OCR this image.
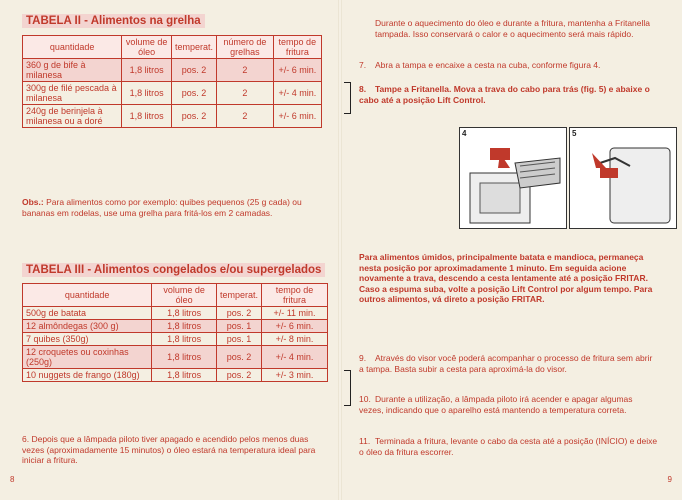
TABELA II - Alimentos na grelha
quantidade	volume de óleo	temperat.	número de grelhas	tempo de fritura
360 g de bife à milanesa	1,8 litros	pos. 2	2	+/- 6 min.
300g de filé pescada à milanesa	1,8 litros	pos. 2	2	+/- 4 min.
240g de berinjela à milanesa ou a doré	1,8 litros	pos. 2	2	+/- 6 min.
Obs.: Para alimentos como por exemplo: quibes pequenos (25 g cada) ou bananas em rodelas, use uma grelha para fritá-los em 2 camadas.
TABELA III - Alimentos congelados e/ou supergelados
quantidade	volume de óleo	temperat.	tempo de fritura
500g de batata	1,8 litros	pos. 2	+/- 11 min.
12 almôndegas (300 g)	1,8 litros	pos. 1	+/- 6 min.
7 quibes (350g)	1,8 litros	pos. 1	+/- 8 min.
12 croquetes ou coxinhas (250g)	1,8 litros	pos. 2	+/- 4 min.
10 nuggets de frango (180g)	1,8 litros	pos. 2	+/- 3 min.
6. Depois que a lâmpada piloto tiver apagado e acendido pelos menos duas vezes (aproximadamente 15 minutos) o óleo estará na temperatura ideal para iniciar a fritura.
8
Durante o aquecimento do óleo e durante a fritura, mantenha a Fritanella tampada. Isso conservará o calor e o aquecimento será mais rápido.
7. Abra a tampa e encaixe a cesta na cuba, conforme figura 4.
8. Tampe a Fritanella. Mova a trava do cabo para trás (fig. 5) e abaixe o cabo até a posição Lift Control.
4	5
Para alimentos úmidos, principalmente batata e mandioca, permaneça nesta posição por aproximadamente 1 minuto. Em seguida acione novamente a trava, descendo a cesta lentamente até a posição FRITAR. Caso a espuma suba, volte a posição Lift Control por algum tempo. Para outros alimentos, vá direto a posição FRITAR.
9. Através do visor você poderá acompanhar o processo de fritura sem abrir a tampa. Basta subir a cesta para aproximá-la do visor.
10. Durante a utilização, a lâmpada piloto irá acender e apagar algumas vezes, indicando que o aparelho está mantendo a temperatura correta.
11. Terminada a fritura, levante o cabo da cesta até a posição (INÍCIO) e deixe o óleo da fritura escorrer.
9
